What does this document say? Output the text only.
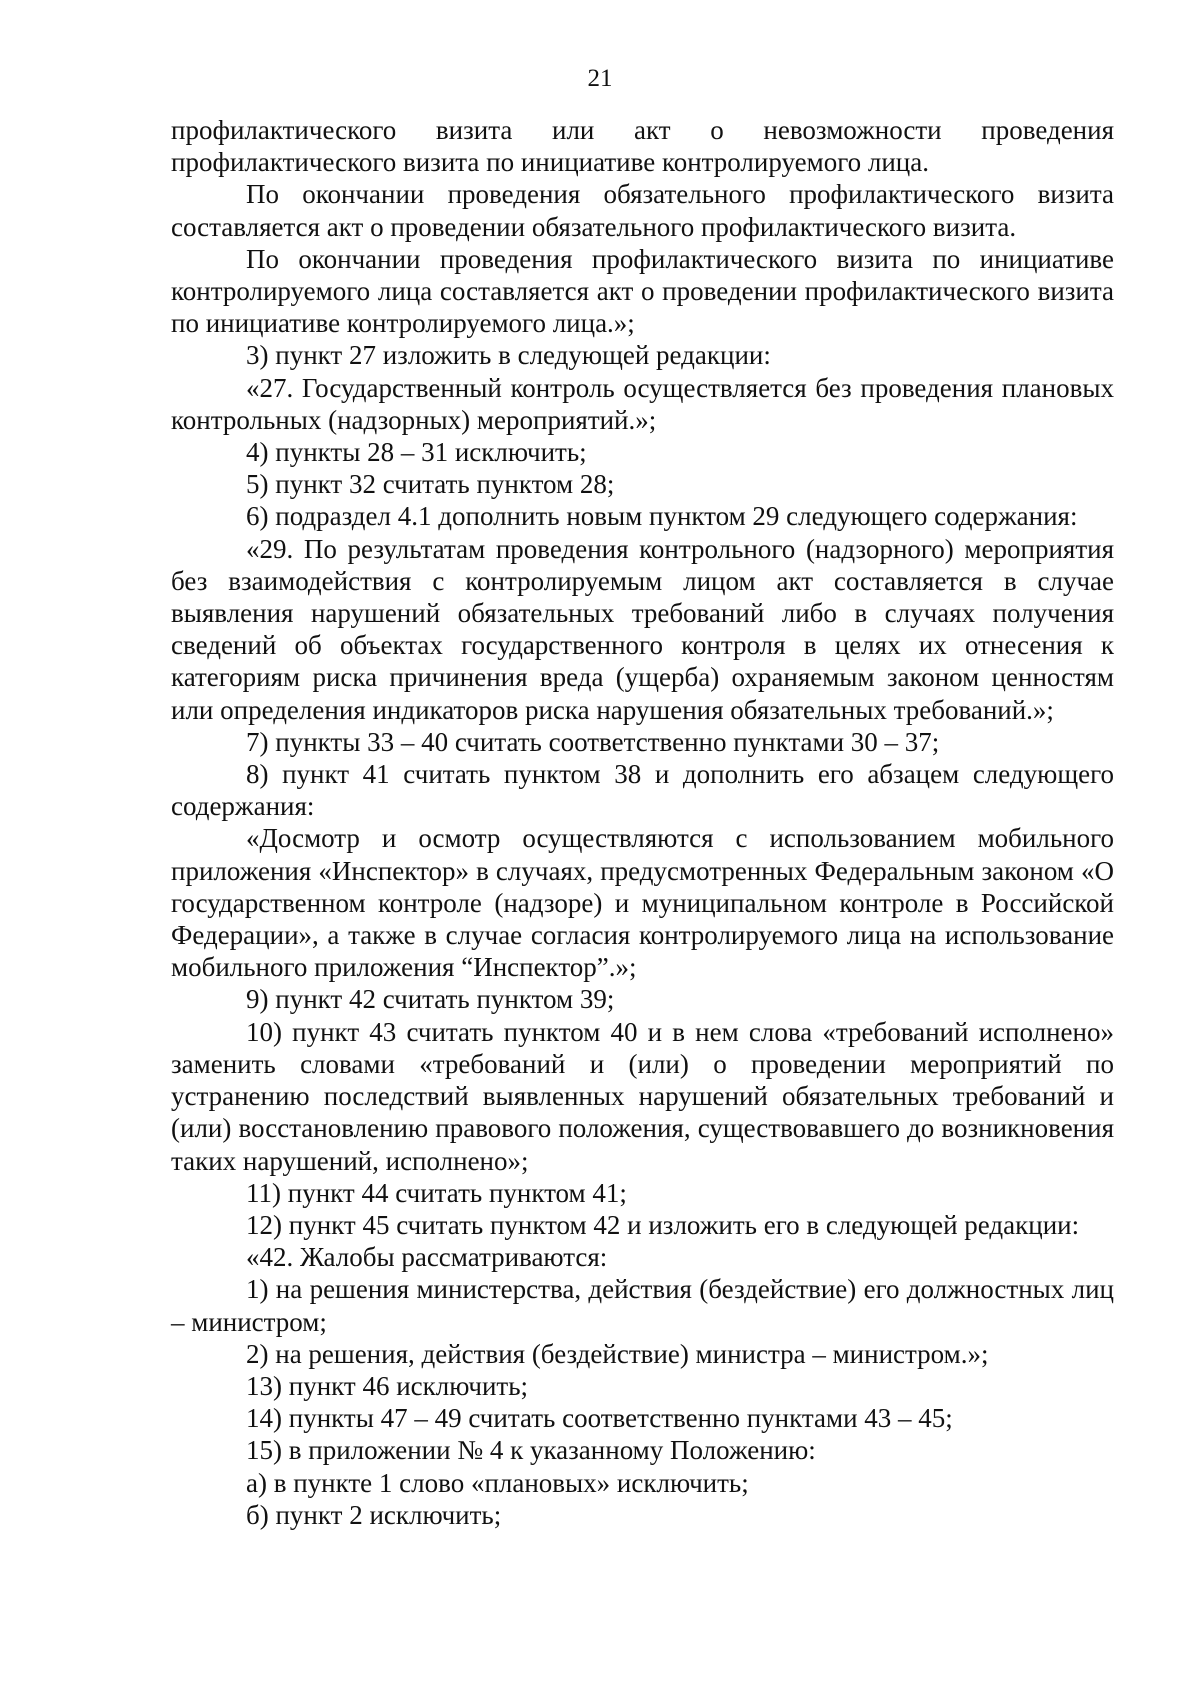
21

профилактического визита или акт о невозможности проведения профилактического визита по инициативе контролируемого лица.

По окончании проведения обязательного профилактического визита составляется акт о проведении обязательного профилактического визита.

По окончании проведения профилактического визита по инициативе контролируемого лица составляется акт о проведении профилактического визита по инициативе контролируемого лица.»;

3) пункт 27 изложить в следующей редакции:

«27. Государственный контроль осуществляется без проведения плановых контрольных (надзорных) мероприятий.»;

4) пункты 28 – 31 исключить;

5) пункт 32 считать пунктом 28;

6) подраздел 4.1 дополнить новым пунктом 29 следующего содержания:

«29. По результатам проведения контрольного (надзорного) мероприятия без взаимодействия с контролируемым лицом акт составляется в случае выявления нарушений обязательных требований либо в случаях получения сведений об объектах государственного контроля в целях их отнесения к категориям риска причинения вреда (ущерба) охраняемым законом ценностям или определения индикаторов риска нарушения обязательных требований.»;

7) пункты 33 – 40 считать соответственно пунктами 30 – 37;

8) пункт 41 считать пунктом 38 и дополнить его абзацем следующего содержания:

«Досмотр и осмотр осуществляются с использованием мобильного приложения «Инспектор» в случаях, предусмотренных Федеральным законом «О государственном контроле (надзоре) и муниципальном контроле в Российской Федерации», а также в случае согласия контролируемого лица на использование мобильного приложения “Инспектор”.»;

9) пункт 42 считать пунктом 39;

10) пункт 43 считать пунктом 40 и в нем слова «требований исполнено» заменить словами «требований и (или) о проведении мероприятий по устранению последствий выявленных нарушений обязательных требований и (или) восстановлению правового положения, существовавшего до возникновения таких нарушений, исполнено»;

11) пункт 44 считать пунктом 41;

12) пункт 45 считать пунктом 42 и изложить его в следующей редакции:

«42. Жалобы рассматриваются:

1) на решения министерства, действия (бездействие) его должностных лиц – министром;

2) на решения, действия (бездействие) министра – министром.»;

13) пункт 46 исключить;

14) пункты 47 – 49 считать соответственно пунктами 43 – 45;

15) в приложении № 4 к указанному Положению:

а) в пункте 1 слово «плановых» исключить;

б) пункт 2 исключить;
